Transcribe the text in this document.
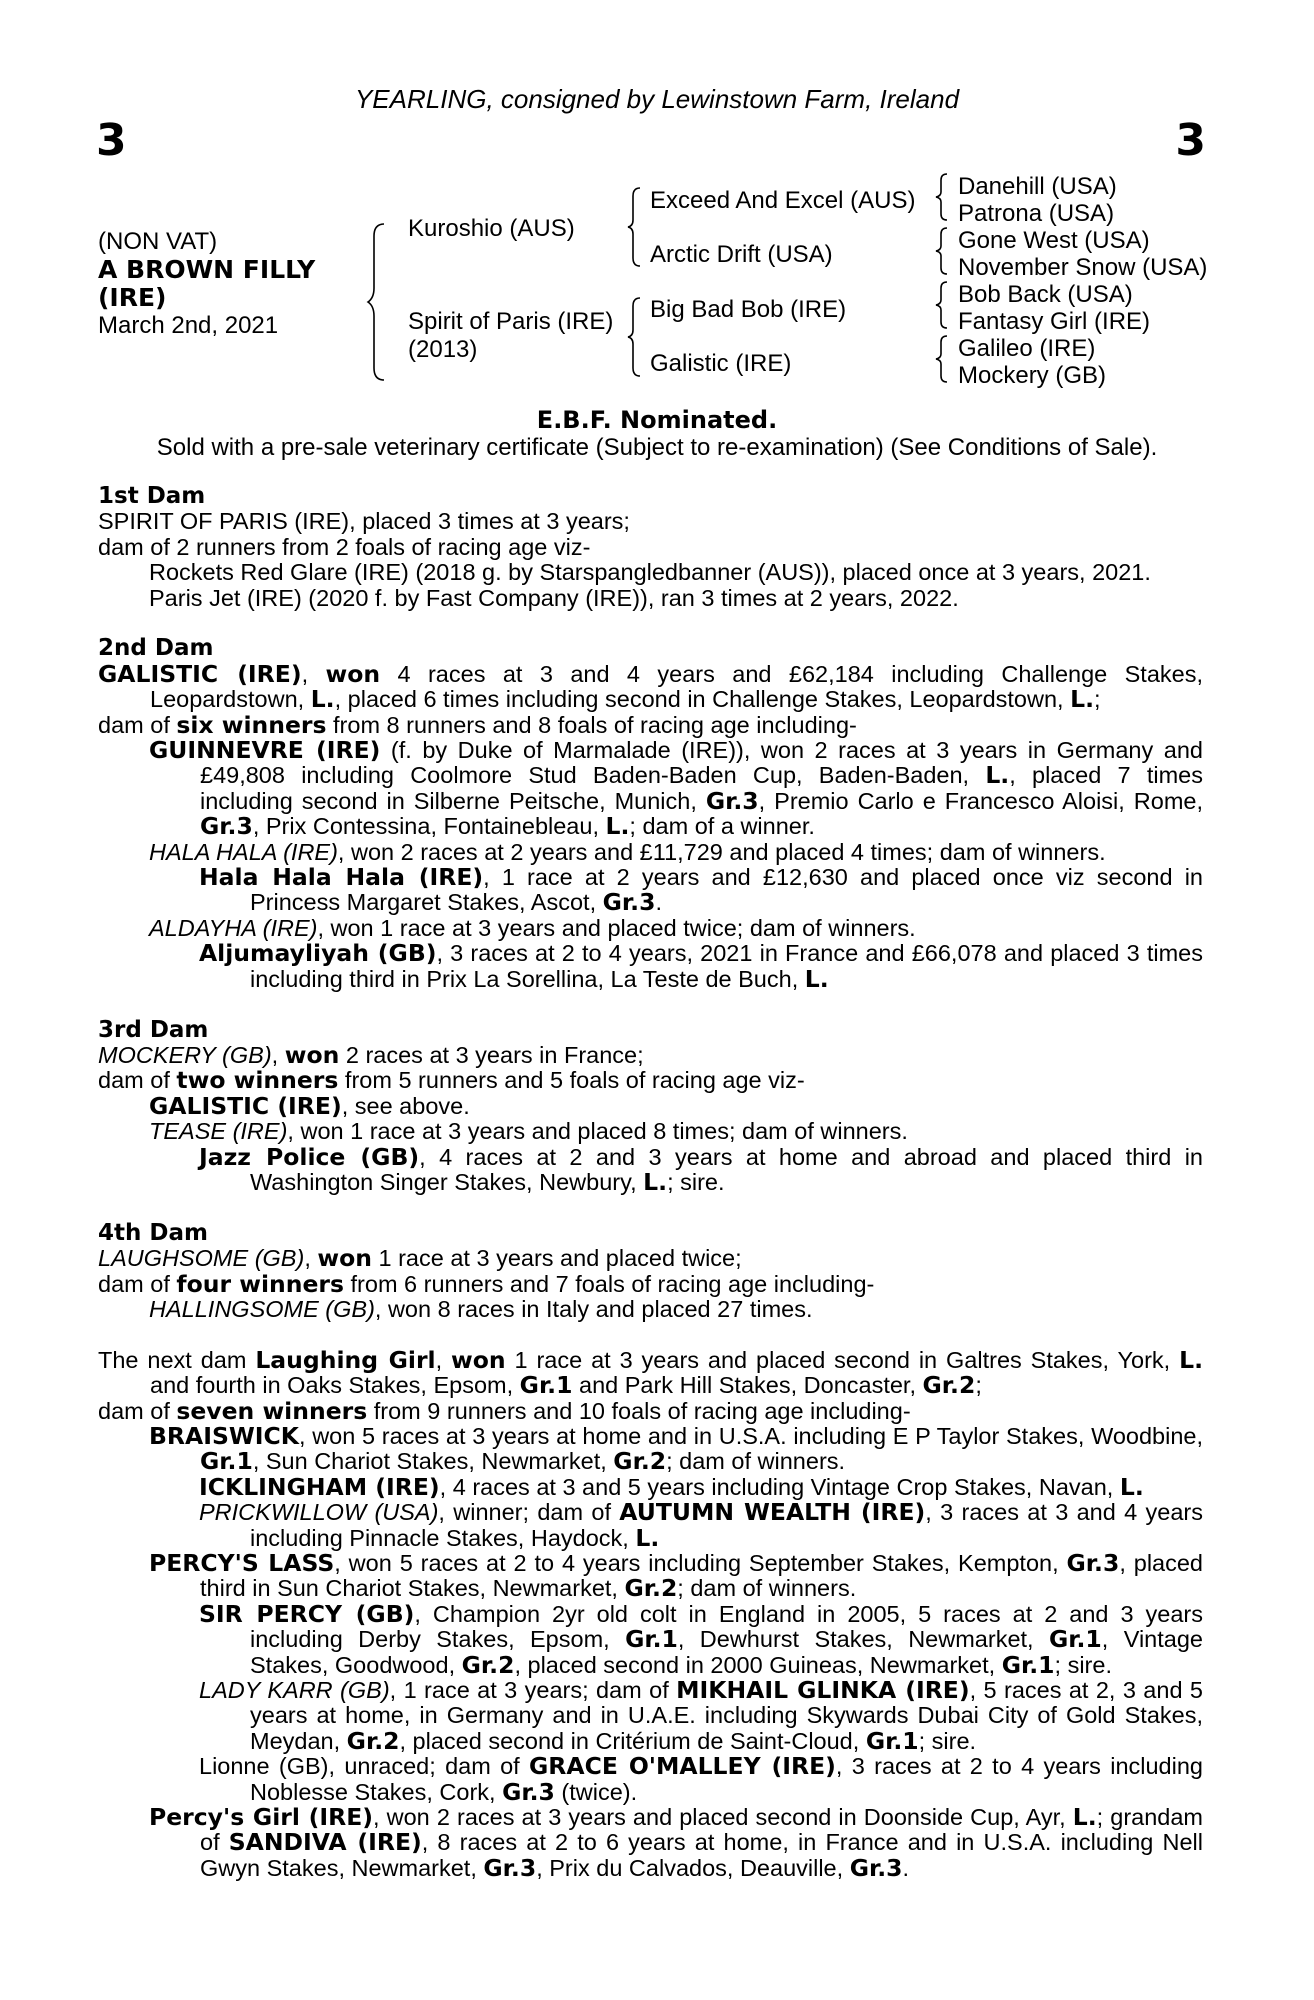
3	3
YEARLING, consigned by Lewinstown Farm, Ireland
(NON VAT)
A BROWN FILLY
(IRE)
March 2nd, 2021
Kuroshio (AUS)
Spirit of Paris (IRE)
(2013)
Exceed And Excel (AUS)
Arctic Drift (USA)
Big Bad Bob (IRE)
Galistic (IRE)
Danehill (USA)
Patrona (USA)
Gone West (USA)
November Snow (USA)
Bob Back (USA)
Fantasy Girl (IRE)
Galileo (IRE)
Mockery (GB)
E.B.F. Nominated.
Sold with a pre-sale veterinary certificate (Subject to re-examination) (See Conditions of Sale).

1st Dam

SPIRIT OF PARIS (IRE), placed 3 times at 3 years;

dam of 2 runners from 2 foals of racing age viz-

Rockets Red Glare (IRE) (2018 g. by Starspangledbanner (AUS)), placed once at 3 years, 2021.

Paris Jet (IRE) (2020 f. by Fast Company (IRE)), ran 3 times at 2 years, 2022.

2nd Dam

GALISTIC (IRE), won 4 races at 3 and 4 years and £62,184 including Challenge Stakes, Leopardstown, L., placed 6 times including second in Challenge Stakes, Leopardstown, L.;

dam of six winners from 8 runners and 8 foals of racing age including-

GUINNEVRE (IRE) (f. by Duke of Marmalade (IRE)), won 2 races at 3 years in Germany and £49,808 including Coolmore Stud Baden-Baden Cup, Baden-Baden, L., placed 7 times including second in Silberne Peitsche, Munich, Gr.3, Premio Carlo e Francesco Aloisi, Rome, Gr.3, Prix Contessina, Fontainebleau, L.; dam of a winner.

HALA HALA (IRE), won 2 races at 2 years and £11,729 and placed 4 times; dam of winners.

Hala Hala Hala (IRE), 1 race at 2 years and £12,630 and placed once viz second in Princess Margaret Stakes, Ascot, Gr.3.

ALDAYHA (IRE), won 1 race at 3 years and placed twice; dam of winners.

Aljumayliyah (GB), 3 races at 2 to 4 years, 2021 in France and £66,078 and placed 3 times including third in Prix La Sorellina, La Teste de Buch, L.

3rd Dam

MOCKERY (GB), won 2 races at 3 years in France;

dam of two winners from 5 runners and 5 foals of racing age viz-

GALISTIC (IRE), see above.

TEASE (IRE), won 1 race at 3 years and placed 8 times; dam of winners.

Jazz Police (GB), 4 races at 2 and 3 years at home and abroad and placed third in Washington Singer Stakes, Newbury, L.; sire.

4th Dam

LAUGHSOME (GB), won 1 race at 3 years and placed twice;

dam of four winners from 6 runners and 7 foals of racing age including-

HALLINGSOME (GB), won 8 races in Italy and placed 27 times.

The next dam Laughing Girl, won 1 race at 3 years and placed second in Galtres Stakes, York, L. and fourth in Oaks Stakes, Epsom, Gr.1 and Park Hill Stakes, Doncaster, Gr.2;

dam of seven winners from 9 runners and 10 foals of racing age including-

BRAISWICK, won 5 races at 3 years at home and in U.S.A. including E P Taylor Stakes, Woodbine, Gr.1, Sun Chariot Stakes, Newmarket, Gr.2; dam of winners.

ICKLINGHAM (IRE), 4 races at 3 and 5 years including Vintage Crop Stakes, Navan, L.

PRICKWILLOW (USA), winner; dam of AUTUMN WEALTH (IRE), 3 races at 3 and 4 years including Pinnacle Stakes, Haydock, L.

PERCY'S LASS, won 5 races at 2 to 4 years including September Stakes, Kempton, Gr.3, placed third in Sun Chariot Stakes, Newmarket, Gr.2; dam of winners.

SIR PERCY (GB), Champion 2yr old colt in England in 2005, 5 races at 2 and 3 years including Derby Stakes, Epsom, Gr.1, Dewhurst Stakes, Newmarket, Gr.1, Vintage Stakes, Goodwood, Gr.2, placed second in 2000 Guineas, Newmarket, Gr.1; sire.

LADY KARR (GB), 1 race at 3 years; dam of MIKHAIL GLINKA (IRE), 5 races at 2, 3 and 5 years at home, in Germany and in U.A.E. including Skywards Dubai City of Gold Stakes, Meydan, Gr.2, placed second in Critérium de Saint-Cloud, Gr.1; sire.

Lionne (GB), unraced; dam of GRACE O'MALLEY (IRE), 3 races at 2 to 4 years including Noblesse Stakes, Cork, Gr.3 (twice).

Percy's Girl (IRE), won 2 races at 3 years and placed second in Doonside Cup, Ayr, L.; grandam of SANDIVA (IRE), 8 races at 2 to 6 years at home, in France and in U.S.A. including Nell Gwyn Stakes, Newmarket, Gr.3, Prix du Calvados, Deauville, Gr.3.
